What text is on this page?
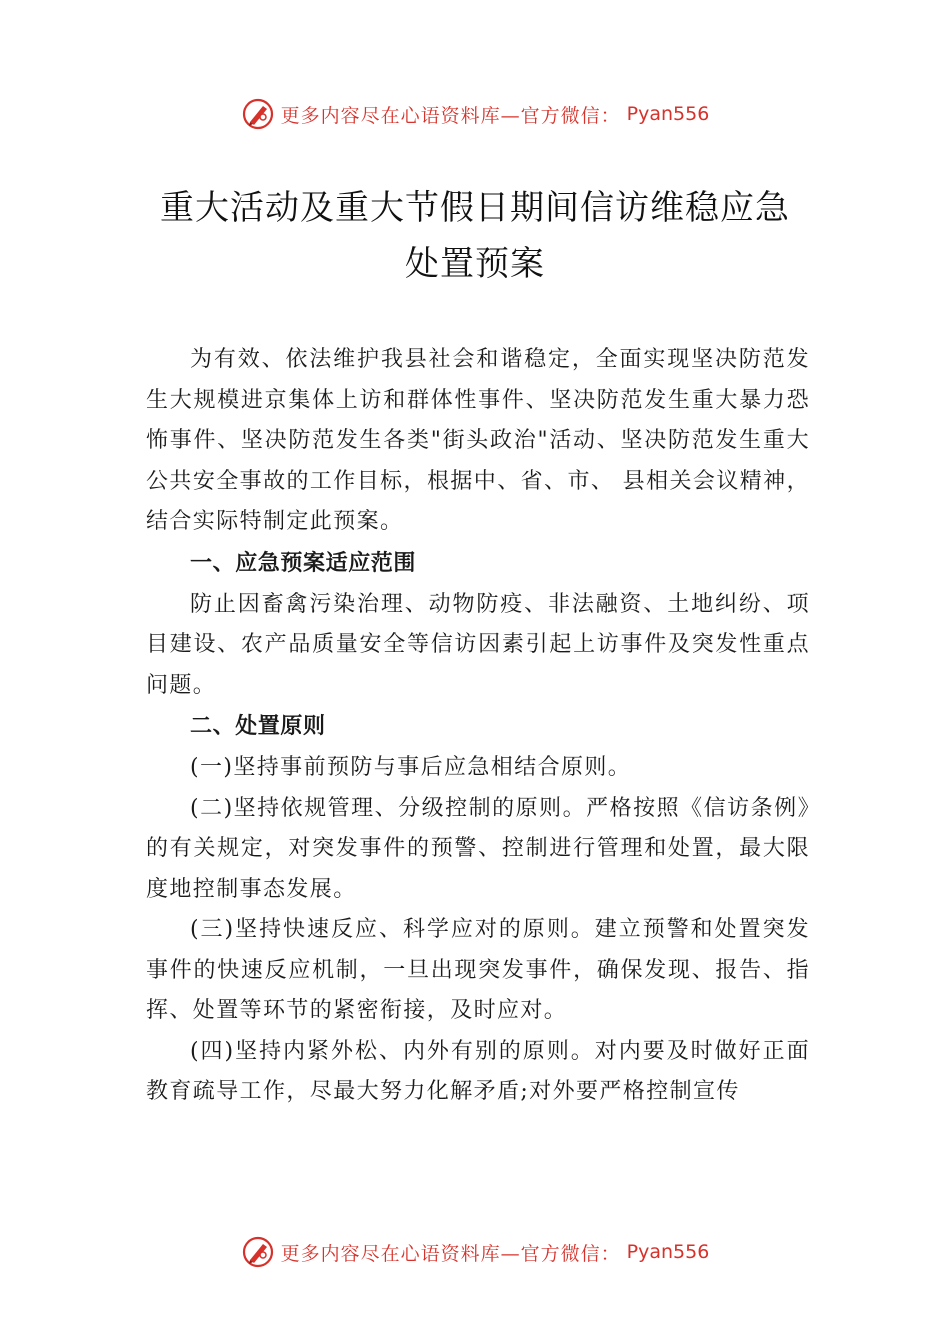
更多内容尽在心语资料库—官方微信： Pyan556
重大活动及重大节假日期间信访维稳应急
处置预案

为有效、依法维护我县社会和谐稳定，全面实现坚决防范发生大规模进京集体上访和群体性事件、坚决防范发生重大暴力恐怖事件、坚决防范发生各类"街头政治"活动、坚决防范发生重大公共安全事故的工作目标，根据中、省、市、 县相关会议精神，结合实际特制定此预案。

一、应急预案适应范围

防止因畜禽污染治理、动物防疫、非法融资、土地纠纷、项目建设、农产品质量安全等信访因素引起上访事件及突发性重点问题。

二、处置原则

(一)坚持事前预防与事后应急相结合原则。

(二)坚持依规管理、分级控制的原则。严格按照《信访条例》的有关规定，对突发事件的预警、控制进行管理和处置，最大限度地控制事态发展。

(三)坚持快速反应、科学应对的原则。建立预警和处置突发事件的快速反应机制，一旦出现突发事件，确保发现、报告、指挥、处置等环节的紧密衔接，及时应对。

(四)坚持内紧外松、内外有别的原则。对内要及时做好正面教育疏导工作，尽最大努力化解矛盾;对外要严格控制宣传

更多内容尽在心语资料库—官方微信： Pyan556
